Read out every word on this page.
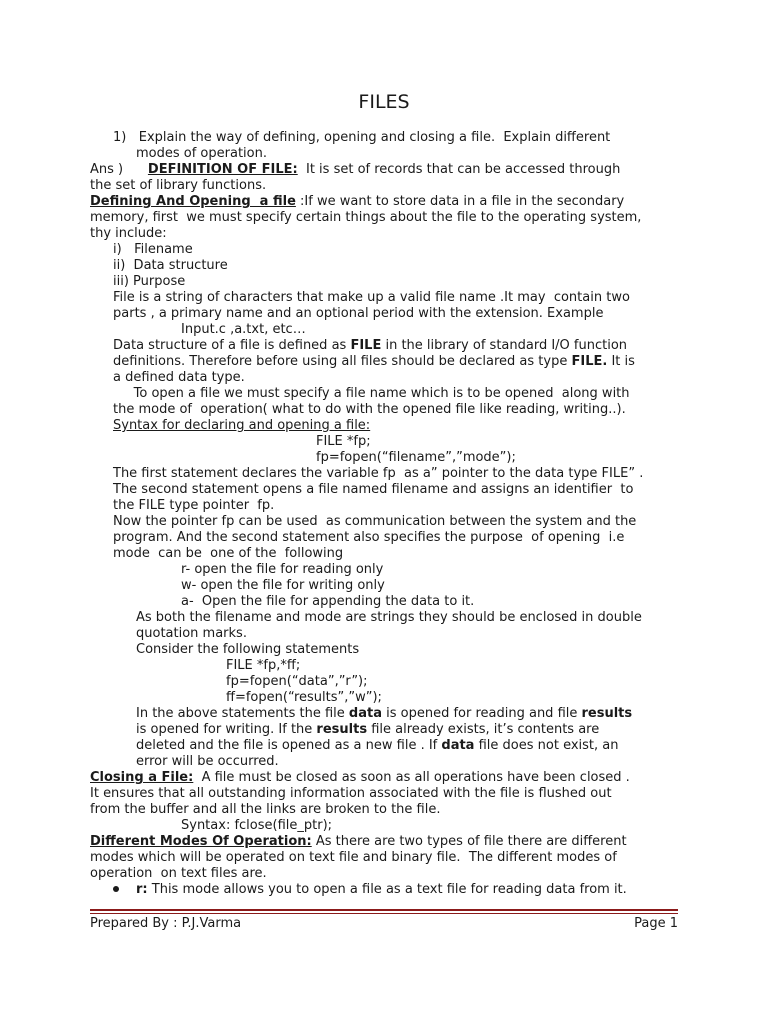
FILES
1)   Explain the way of defining, opening and closing a file.  Explain different
modes of operation.
Ans )      DEFINITION OF FILE:  It is set of records that can be accessed through
the set of library functions.
Defining And Opening  a file :If we want to store data in a file in the secondary
memory, first  we must specify certain things about the file to the operating system,
thy include:
i)   Filename
ii)  Data structure
iii) Purpose
File is a string of characters that make up a valid file name .It may  contain two
parts , a primary name and an optional period with the extension. Example
Input.c ,a.txt, etc…
Data structure of a file is defined as FILE in the library of standard I/O function
definitions. Therefore before using all files should be declared as type FILE. It is
a defined data type.
To open a file we must specify a file name which is to be opened  along with
the mode of  operation( what to do with the opened file like reading, writing..).
Syntax for declaring and opening a file:
FILE *fp;
fp=fopen(“filename”,”mode”);
The first statement declares the variable fp  as a” pointer to the data type FILE” .
The second statement opens a file named filename and assigns an identifier  to
the FILE type pointer  fp.
Now the pointer fp can be used  as communication between the system and the
program. And the second statement also specifies the purpose  of opening  i.e
mode  can be  one of the  following
r- open the file for reading only
w- open the file for writing only
a-  Open the file for appending the data to it.
As both the filename and mode are strings they should be enclosed in double
quotation marks.
Consider the following statements
FILE *fp,*ff;
fp=fopen(“data”,”r”);
ff=fopen(“results”,”w”);
In the above statements the file data is opened for reading and file results
is opened for writing. If the results file already exists, it’s contents are
deleted and the file is opened as a new file . If data file does not exist, an
error will be occurred.
Closing a File:  A file must be closed as soon as all operations have been closed .
It ensures that all outstanding information associated with the file is flushed out
from the buffer and all the links are broken to the file.
Syntax: fclose(file_ptr);
Different Modes Of Operation: As there are two types of file there are different
modes which will be operated on text file and binary file.  The different modes of
operation  on text files are.
r: This mode allows you to open a file as a text file for reading data from it.
Prepared By : P.J.Varma	Page 1
